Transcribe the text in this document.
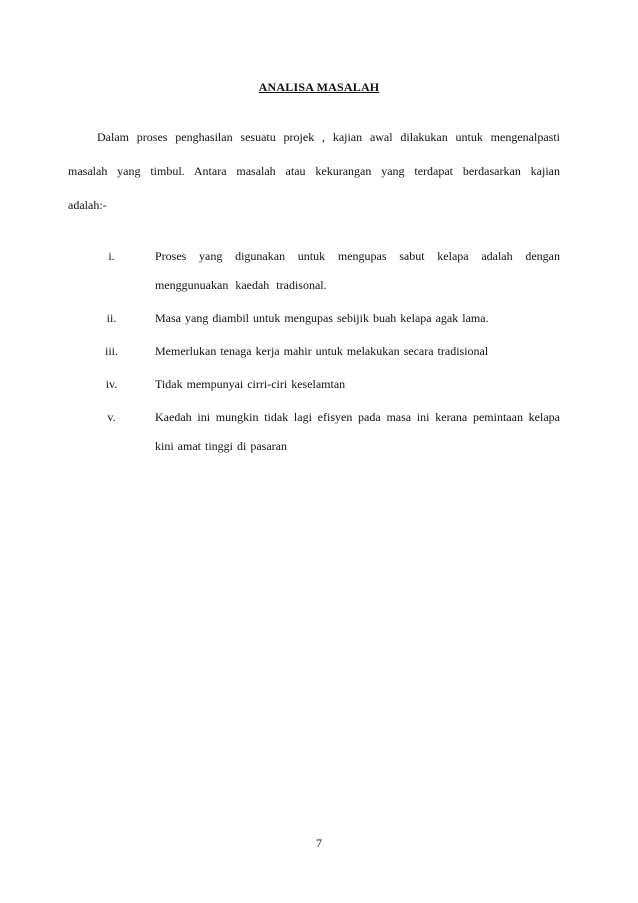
ANALISA MASALAH

Dalam proses penghasilan sesuatu projek , kajian awal dilakukan untuk mengenalpasti masalah yang timbul. Antara masalah atau kekurangan yang terdapat berdasarkan kajian adalah:-

i.	Proses yang digunakan untuk mengupas sabut kelapa adalah dengan menggunuakan kaedah tradisonal.
ii.	Masa yang diambil untuk mengupas sebijik buah kelapa agak lama.
iii.	Memerlukan tenaga kerja mahir untuk melakukan secara tradisional
iv.	Tidak mempunyai cirri-ciri keselamtan
v.	Kaedah ini mungkin tidak lagi efisyen pada masa ini kerana pemintaan kelapa kini amat tinggi di pasaran
7
